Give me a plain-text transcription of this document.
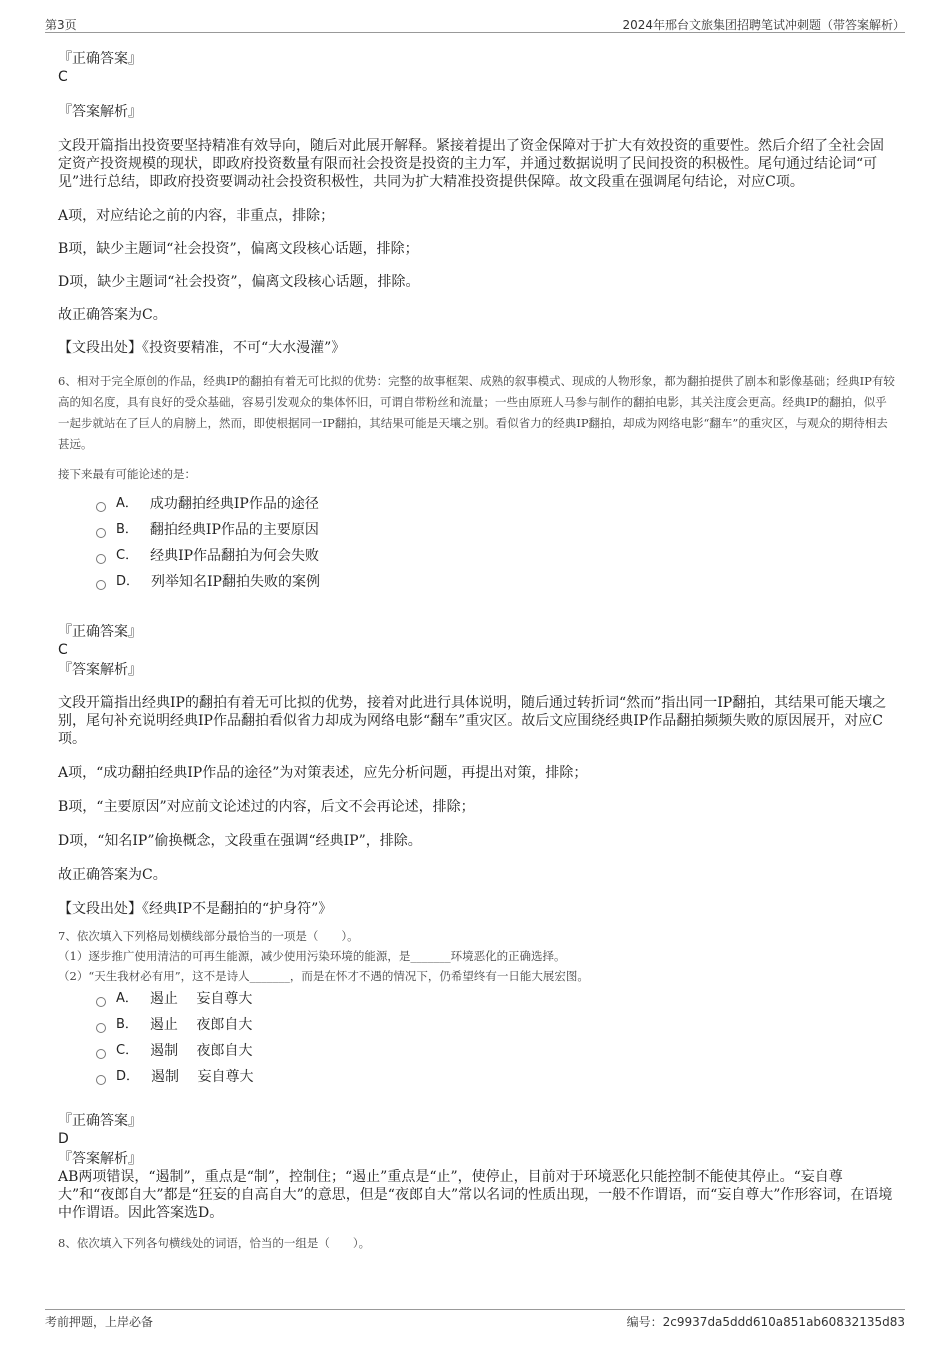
第3页	2024年邢台文旅集团招聘笔试冲刺题（带答案解析）

『正确答案』

C

『答案解析』

文段开篇指出投资要坚持精准有效导向，随后对此展开解释。紧接着提出了资金保障对于扩大有效投资的重要性。然后介绍了全社会固定资产投资规模的现状，即政府投资数量有限而社会投资是投资的主力军，并通过数据说明了民间投资的积极性。尾句通过结论词“可见”进行总结，即政府投资要调动社会投资积极性，共同为扩大精准投资提供保障。故文段重在强调尾句结论，对应C项。

A项，对应结论之前的内容，非重点，排除；

B项，缺少主题词“社会投资”，偏离文段核心话题，排除；

D项，缺少主题词“社会投资”，偏离文段核心话题，排除。

故正确答案为C。

【文段出处】《投资要精准，不可“大水漫灌”》

6、相对于完全原创的作品，经典IP的翻拍有着无可比拟的优势：完整的故事框架、成熟的叙事模式、现成的人物形象，都为翻拍提供了剧本和影像基础；经典IP有较高的知名度，具有良好的受众基础，容易引发观众的集体怀旧，可谓自带粉丝和流量；一些由原班人马参与制作的翻拍电影，其关注度会更高。经典IP的翻拍，似乎一起步就站在了巨人的肩膀上，然而，即使根据同一IP翻拍，其结果可能是天壤之别。看似省力的经典IP翻拍，却成为网络电影“翻车”的重灾区，与观众的期待相去甚远。

接下来最有可能论述的是：

A． 成功翻拍经典IP作品的途径
B． 翻拍经典IP作品的主要原因
C． 经典IP作品翻拍为何会失败
D． 列举知名IP翻拍失败的案例

『正确答案』

C

『答案解析』

文段开篇指出经典IP的翻拍有着无可比拟的优势，接着对此进行具体说明，随后通过转折词“然而”指出同一IP翻拍，其结果可能天壤之别，尾句补充说明经典IP作品翻拍看似省力却成为网络电影“翻车”重灾区。故后文应围绕经典IP作品翻拍频频失败的原因展开，对应C项。

A项，“成功翻拍经典IP作品的途径”为对策表述，应先分析问题，再提出对策，排除；

B项，“主要原因”对应前文论述过的内容，后文不会再论述，排除；

D项，“知名IP”偷换概念，文段重在强调“经典IP”，排除。

故正确答案为C。

【文段出处】《经典IP不是翻拍的“护身符”》

7、依次填入下列格局划横线部分最恰当的一项是（　　）。

（1）逐步推广使用清洁的可再生能源，减少使用污染环境的能源，是_______环境恶化的正确选择。

（2）“天生我材必有用”，这不是诗人_______，而是在怀才不遇的情况下，仍希望终有一日能大展宏图。

A． 遏止　 妄自尊大
B． 遏止　 夜郎自大
C． 遏制　 夜郎自大
D． 遏制　 妄自尊大

『正确答案』

D

『答案解析』

AB两项错误，“遏制”，重点是“制”，控制住；“遏止”重点是“止”，使停止，目前对于环境恶化只能控制不能使其停止。“妄自尊大”和“夜郎自大”都是“狂妄的自高自大”的意思，但是“夜郎自大”常以名词的性质出现，一般不作谓语，而“妄自尊大”作形容词，在语境中作谓语。因此答案选D。

8、依次填入下列各句横线处的词语，恰当的一组是（　　）。

考前押题，上岸必备	编号：2c9937da5ddd610a851ab60832135d83
